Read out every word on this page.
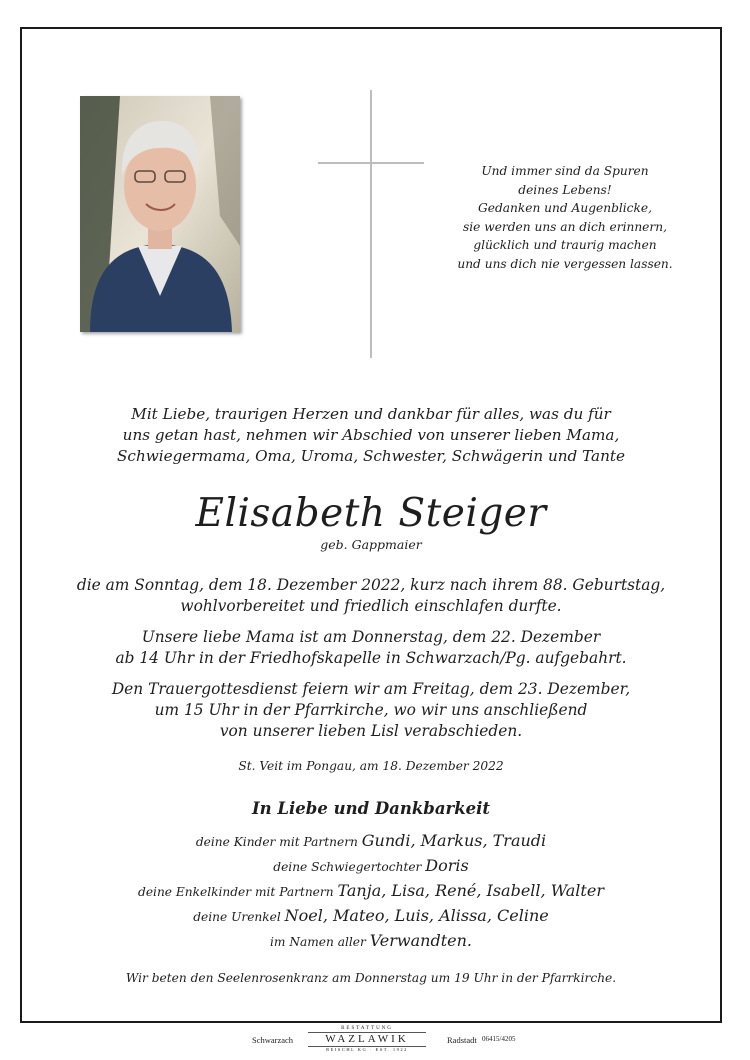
Und immer sind da Spuren
deines Lebens!
Gedanken und Augenblicke,
sie werden uns an dich erinnern,
glücklich und traurig machen
und uns dich nie vergessen lassen.
Mit Liebe, traurigen Herzen und dankbar für alles, was du für
uns getan hast, nehmen wir Abschied von unserer lieben Mama,
Schwiegermama, Oma, Uroma, Schwester, Schwägerin und Tante
Elisabeth Steiger
geb. Gappmaier
die am Sonntag, dem 18. Dezember 2022, kurz nach ihrem 88. Geburtstag,
wohlvorbereitet und friedlich einschlafen durfte.
Unsere liebe Mama ist am Donnerstag, dem 22. Dezember
ab 14 Uhr in der Friedhofskapelle in Schwarzach/Pg. aufgebahrt.
Den Trauergottesdienst feiern wir am Freitag, dem 23. Dezember,
um 15 Uhr in der Pfarrkirche, wo wir uns anschließend
von unserer lieben Lisl verabschieden.
St. Veit im Pongau, am 18. Dezember 2022
In Liebe und Dankbarkeit
deine Kinder mit Partnern Gundi, Markus, Traudi
deine Schwiegertochter Doris
deine Enkelkinder mit Partnern Tanja, Lisa, René, Isabell, Walter
deine Urenkel Noel, Mateo, Luis, Alissa, Celine
im Namen aller Verwandten.
Wir beten den Seelenrosenkranz am Donnerstag um 19 Uhr in der Pfarrkirche.
Schwarzach
BESTATTUNG
WAZLAWIK
REISCHL KG · EST. 1922
Radstadt 06415/4205
